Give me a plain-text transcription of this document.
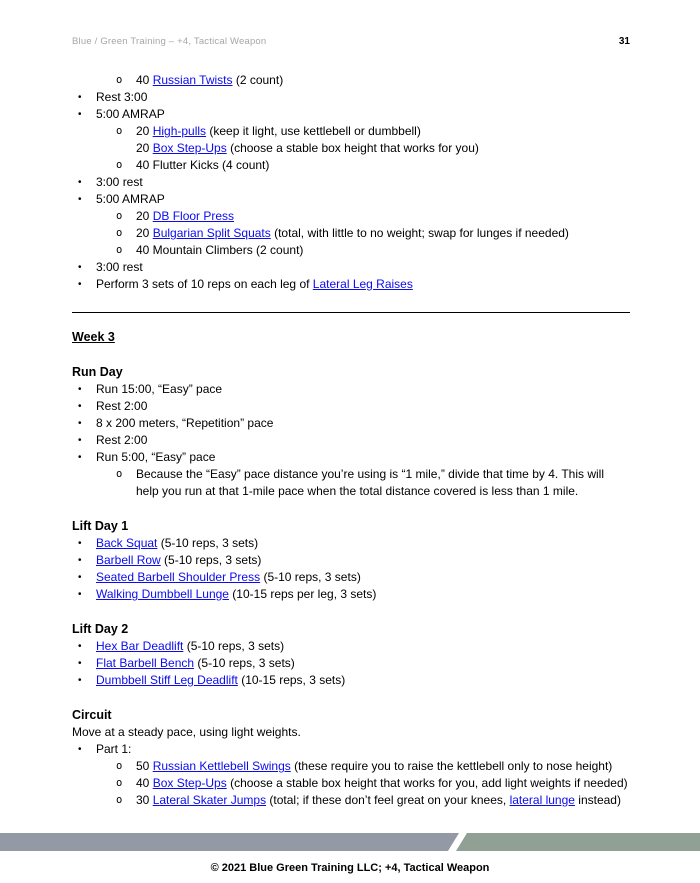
Blue / Green Training – +4, Tactical Weapon	31
o	40 Russian Twists (2 count)
•	Rest 3:00
•	5:00 AMRAP
o	20 High-pulls (keep it light, use kettlebell or dumbbell)
20 Box Step-Ups (choose a stable box height that works for you)
o	40 Flutter Kicks (4 count)
•	3:00 rest
•	5:00 AMRAP
o	20 DB Floor Press
o	20 Bulgarian Split Squats (total, with little to no weight; swap for lunges if needed)
o	40 Mountain Climbers (2 count)
•	3:00 rest
•	Perform 3 sets of 10 reps on each leg of Lateral Leg Raises
Week 3
Run Day
•	Run 15:00, “Easy” pace
•	Rest 2:00
•	8 x 200 meters, “Repetition” pace
•	Rest 2:00
•	Run 5:00, “Easy” pace
o	Because the “Easy” pace distance you’re using is “1 mile,” divide that time by 4. This will
help you run at that 1-mile pace when the total distance covered is less than 1 mile.
Lift Day 1
•	Back Squat (5-10 reps, 3 sets)
•	Barbell Row (5-10 reps, 3 sets)
•	Seated Barbell Shoulder Press (5-10 reps, 3 sets)
•	Walking Dumbbell Lunge (10-15 reps per leg, 3 sets)
Lift Day 2
•	Hex Bar Deadlift (5-10 reps, 3 sets)
•	Flat Barbell Bench (5-10 reps, 3 sets)
•	Dumbbell Stiff Leg Deadlift (10-15 reps, 3 sets)
Circuit
Move at a steady pace, using light weights.
•	Part 1:
o	50 Russian Kettlebell Swings (these require you to raise the kettlebell only to nose height)
o	40 Box Step-Ups (choose a stable box height that works for you, add light weights if needed)
o	30 Lateral Skater Jumps (total; if these don’t feel great on your knees, lateral lunge instead)
© 2021 Blue Green Training LLC; +4, Tactical Weapon
